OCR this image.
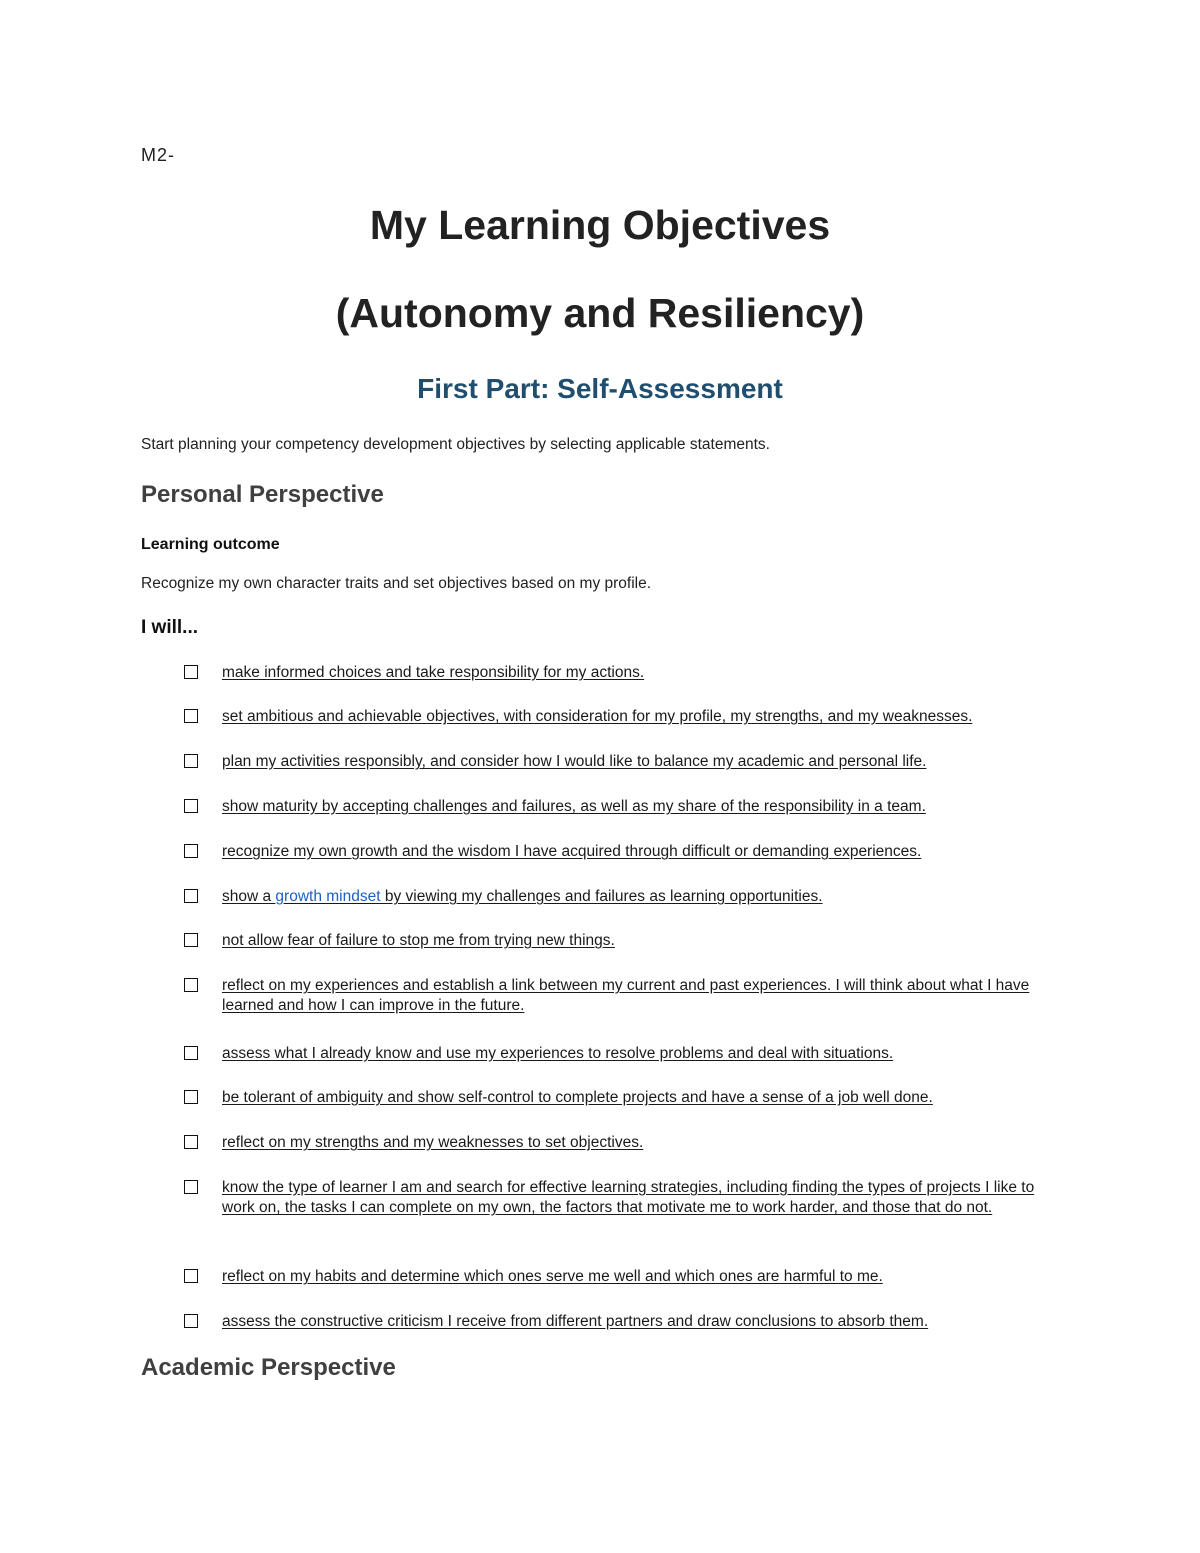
M2-
My Learning Objectives
(Autonomy and Resiliency)
First Part: Self-Assessment
Start planning your competency development objectives by selecting applicable statements.
Personal Perspective
Learning outcome
Recognize my own character traits and set objectives based on my profile.
I will...
make informed choices and take responsibility for my actions.
set ambitious and achievable objectives, with consideration for my profile, my strengths, and my weaknesses.
plan my activities responsibly, and consider how I would like to balance my academic and personal life.
show maturity by accepting challenges and failures, as well as my share of the responsibility in a team.
recognize my own growth and the wisdom I have acquired through difficult or demanding experiences.
show a growth mindset by viewing my challenges and failures as learning opportunities.
not allow fear of failure to stop me from trying new things.
reflect on my experiences and establish a link between my current and past experiences. I will think about what I have learned and how I can improve in the future.
assess what I already know and use my experiences to resolve problems and deal with situations.
be tolerant of ambiguity and show self-control to complete projects and have a sense of a job well done.
reflect on my strengths and my weaknesses to set objectives.
know the type of learner I am and search for effective learning strategies, including finding the types of projects I like to work on, the tasks I can complete on my own, the factors that motivate me to work harder, and those that do not.
reflect on my habits and determine which ones serve me well and which ones are harmful to me.
assess the constructive criticism I receive from different partners and draw conclusions to absorb them.
Academic Perspective
